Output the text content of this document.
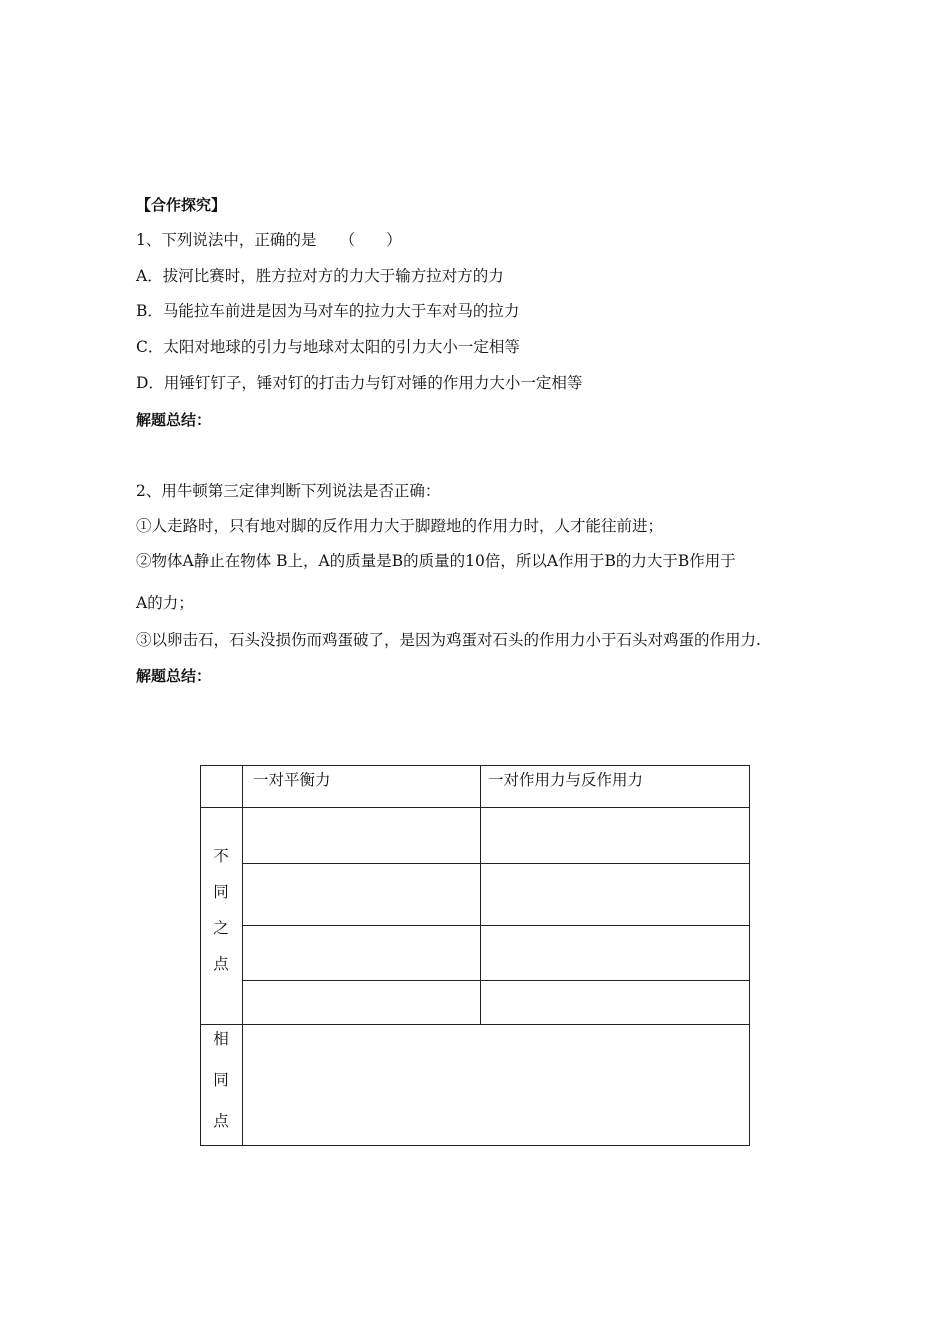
【合作探究】
1、下列说法中，正确的是　　（　　）
A．拔河比赛时，胜方拉对方的力大于输方拉对方的力
B．马能拉车前进是因为马对车的拉力大于车对马的拉力
C．太阳对地球的引力与地球对太阳的引力大小一定相等
D．用锤钉钉子，锤对钉的打击力与钉对锤的作用力大小一定相等
解题总结：
2、用牛顿第三定律判断下列说法是否正确：
①人走路时，只有地对脚的反作用力大于脚蹬地的作用力时，人才能往前进；
②物体A静止在物体 B上，A的质量是B的质量的10倍，所以A作用于B的力大于B作用于
A的力；
③以卵击石，石头没损伤而鸡蛋破了，是因为鸡蛋对石头的作用力小于石头对鸡蛋的作用力.
解题总结：
一对平衡力	一对作用力与反作用力
不
同
之
点
相
同
点
